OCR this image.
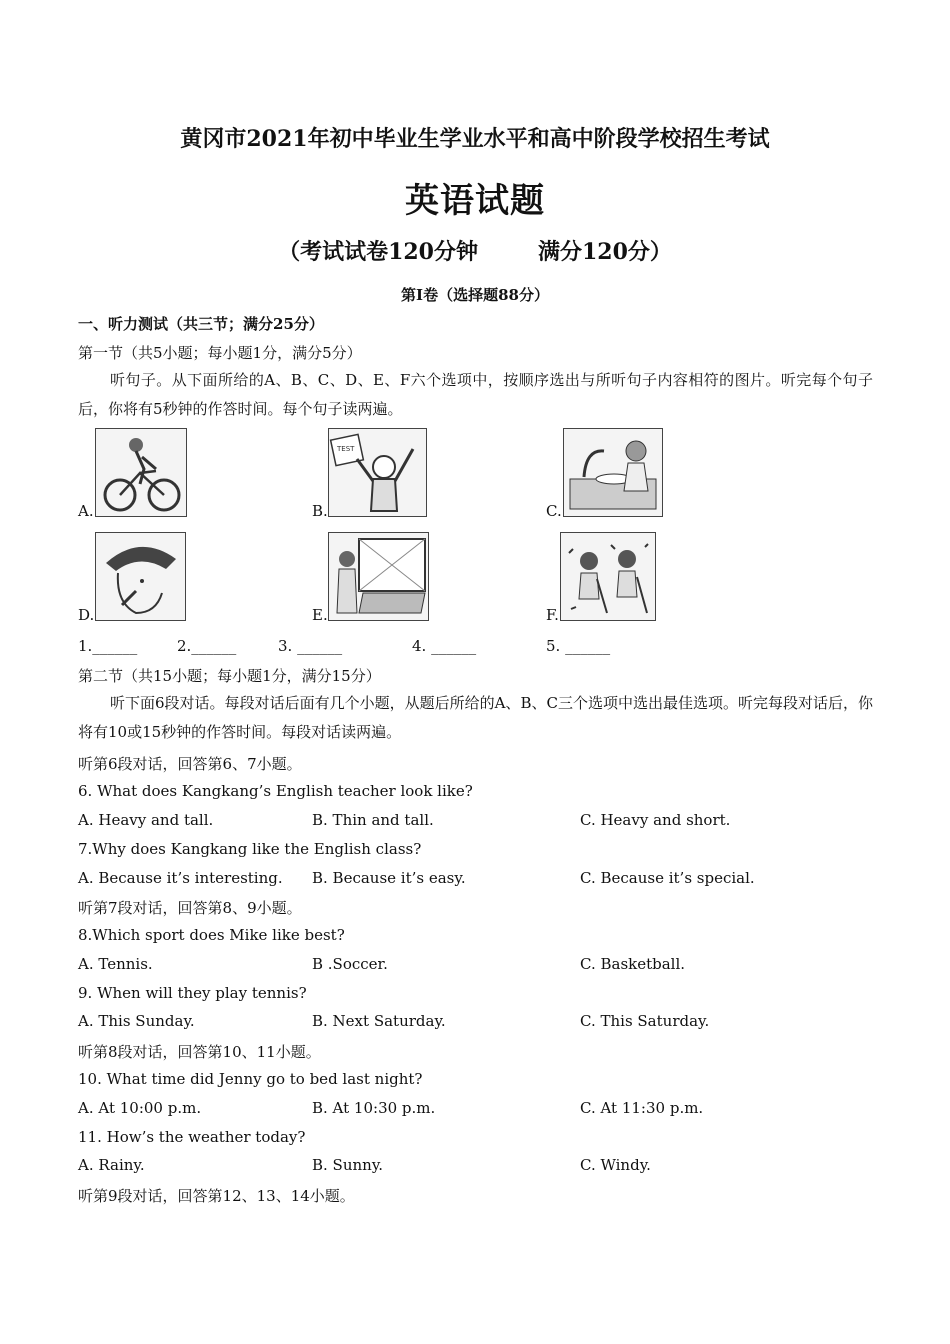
黄冈市2021年初中毕业生学业水平和高中阶段学校招生考试
英语试题
（考试试卷120分钟	满分120分）
第I卷（选择题88分）
一、听力测试（共三节；满分25分）
第一节（共5小题；每小题1分，满分5分）
听句子。从下面所给的A、B、C、D、E、F六个选项中，按顺序选出与所听句子内容相符的图片。听完每个句子后，你将有5秒钟的作答时间。每个句子读两遍。
A.	B.
TEST
C.
D.	E.	F.
1.______	2.______	3. ______	4. ______	5. ______
第二节（共15小题；每小题1分，满分15分）
听下面6段对话。每段对话后面有几个小题，从题后所给的A、B、C三个选项中选出最佳选项。听完每段对话后，你将有10或15秒钟的作答时间。每段对话读两遍。
听第6段对话，回答第6、7小题。
6. What does Kangkang’s English teacher look like?
A. Heavy and tall.	B. Thin and tall.	C. Heavy and short.
7.Why does Kangkang like the English class?
A. Because it’s interesting. B. Because it’s easy.	C. Because it’s special.
听第7段对话，回答第8、9小题。
8.Which sport does Mike like best?
A. Tennis.	B .Soccer.	C. Basketball.
9. When will they play tennis?
A. This Sunday.	B. Next Saturday.	C. This Saturday.
听第8段对话，回答第10、11小题。
10. What time did Jenny go to bed last night?
A. At 10:00 p.m.	B. At 10:30 p.m.	C. At 11:30 p.m.
11. How’s the weather today?
A. Rainy.	B. Sunny.	C. Windy.
听第9段对话，回答第12、13、14小题。
